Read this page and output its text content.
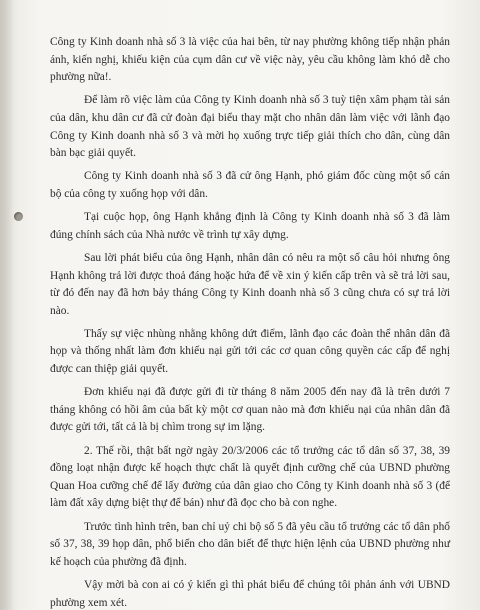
Công ty Kinh doanh nhà số 3 là việc của hai bên, từ nay phường không tiếp nhận phản ánh, kiến nghị, khiếu kiện của cụm dân cư về việc này, yêu cầu không làm khó dễ cho phường nữa!.

Để làm rõ việc làm của Công ty Kinh doanh nhà số 3 tuỳ tiện xâm phạm tài sản của dân, khu dân cư đã cử đoàn đại biểu thay mặt cho nhân dân làm việc với lãnh đạo Công ty Kinh doanh nhà số 3 và mời họ xuống trực tiếp giải thích cho dân, cùng dân bàn bạc giải quyết.

Công ty Kinh doanh nhà số 3 đã cử ông Hạnh, phó giám đốc cùng một số cán bộ của công ty xuống họp với dân.

Tại cuộc họp, ông Hạnh khẳng định là Công ty Kinh doanh nhà số 3 đã làm đúng chính sách của Nhà nước về trình tự xây dựng.

Sau lời phát biểu của ông Hạnh, nhân dân có nêu ra một số câu hỏi nhưng ông Hạnh không trả lời được thoả đáng hoặc hứa để về xin ý kiến cấp trên và sẽ trả lời sau, từ đó đến nay đã hơn bảy tháng Công ty Kinh doanh nhà số 3 cũng chưa có sự trả lời nào.

Thấy sự việc nhùng nhằng không dứt điểm, lãnh đạo các đoàn thể nhân dân đã họp và thống nhất làm đơn khiếu nại gửi tới các cơ quan công quyền các cấp để nghị được can thiệp giải quyết.

Đơn khiếu nại đã được gửi đi từ tháng 8 năm 2005 đến nay đã là trên dưới 7 tháng không có hồi âm của bất kỳ một cơ quan nào mà đơn khiếu nại của nhân dân đã được gửi tới, tất cả là bị chìm trong sự im lặng.

2. Thế rồi, thật bất ngờ ngày 20/3/2006 các tổ trưởng các tổ dân số 37, 38, 39 đồng loạt nhận được kế hoạch thực chất là quyết định cưỡng chế của UBND phường Quan Hoa cưỡng chế để lấy đường của dân giao cho Công ty Kinh doanh nhà số 3 (để làm đất xây dựng biệt thự để bán) như đã đọc cho bà con nghe.

Trước tình hình trên, ban chỉ uỷ chi bộ số 5 đã yêu cầu tổ trưởng các tổ dân phố số 37, 38, 39 họp dân, phổ biến cho dân biết để thực hiện lệnh của UBND phường như kế hoạch của phường đã định.

Vậy mời bà con ai có ý kiến gì thì phát biểu để chúng tôi phản ánh với UBND phường xem xét.
